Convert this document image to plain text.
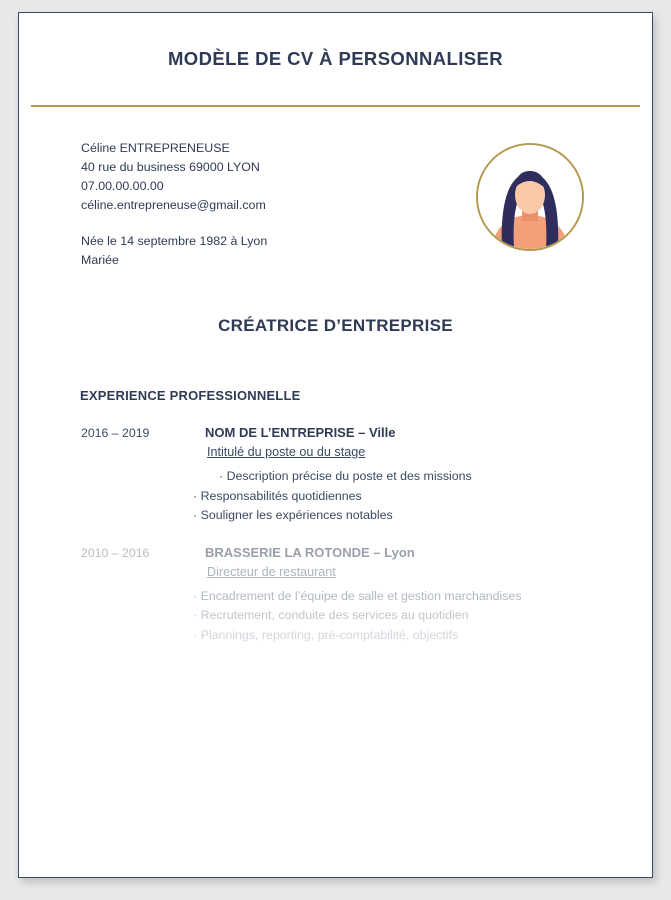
MODÈLE DE CV À PERSONNALISER
Céline ENTREPRENEUSE
40 rue du business 69000 LYON
07.00.00.00.00
céline.entrepreneuse@gmail.com
Née le 14 septembre 1982 à Lyon
Mariée
CRÉATRICE D’ENTREPRISE
EXPERIENCE PROFESSIONNELLE
2016 – 2019	NOM DE L’ENTREPRISE – Ville
Intitulé du poste ou du stage
· Description précise du poste et des missions
· Responsabilités quotidiennes
· Souligner les expériences notables
2010 – 2016	BRASSERIE LA ROTONDE – Lyon
Directeur de restaurant
· Encadrement de l’équipe de salle et gestion marchandises
· Recrutement, conduite des services au quotidien
· Plannings, reporting, pré-comptabilité, objectifs
